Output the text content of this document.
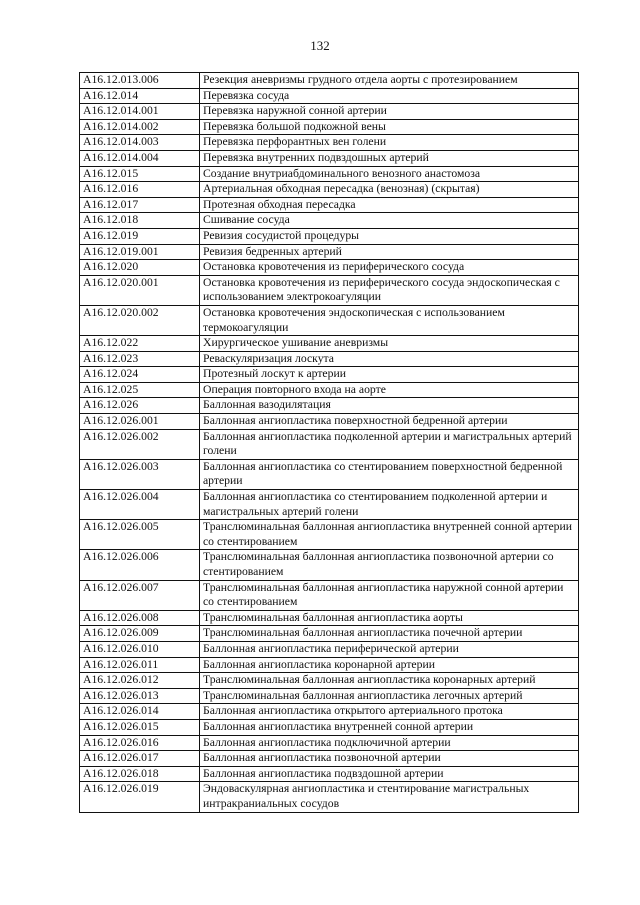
132
A16.12.013.006	Резекция аневризмы грудного отдела аорты с протезированием
A16.12.014	Перевязка сосуда
A16.12.014.001	Перевязка наружной сонной артерии
A16.12.014.002	Перевязка большой подкожной вены
A16.12.014.003	Перевязка перфорантных вен голени
A16.12.014.004	Перевязка внутренних подвздошных артерий
A16.12.015	Создание внутриабдоминального венозного анастомоза
A16.12.016	Артериальная обходная пересадка (венозная) (скрытая)
A16.12.017	Протезная обходная пересадка
A16.12.018	Сшивание сосуда
A16.12.019	Ревизия сосудистой процедуры
A16.12.019.001	Ревизия бедренных артерий
A16.12.020	Остановка кровотечения из периферического сосуда
A16.12.020.001	Остановка кровотечения из периферического сосуда эндоскопическая с использованием электрокоагуляции
A16.12.020.002	Остановка кровотечения эндоскопическая с использованием термокоагуляции
A16.12.022	Хирургическое ушивание аневризмы
A16.12.023	Реваскуляризация лоскута
A16.12.024	Протезный лоскут к артерии
A16.12.025	Операция повторного входа на аорте
A16.12.026	Баллонная вазодилятация
A16.12.026.001	Баллонная ангиопластика поверхностной бедренной артерии
A16.12.026.002	Баллонная ангиопластика подколенной артерии и магистральных артерий голени
A16.12.026.003	Баллонная ангиопластика со стентированием поверхностной бедренной артерии
A16.12.026.004	Баллонная ангиопластика со стентированием подколенной артерии и магистральных артерий голени
A16.12.026.005	Транслюминальная баллонная ангиопластика внутренней сонной артерии со стентированием
A16.12.026.006	Транслюминальная баллонная ангиопластика позвоночной артерии со стентированием
A16.12.026.007	Транслюминальная баллонная ангиопластика наружной сонной артерии со стентированием
A16.12.026.008	Транслюминальная баллонная ангиопластика аорты
A16.12.026.009	Транслюминальная баллонная ангиопластика почечной артерии
A16.12.026.010	Баллонная ангиопластика периферической артерии
A16.12.026.011	Баллонная ангиопластика коронарной артерии
A16.12.026.012	Транслюминальная баллонная ангиопластика коронарных артерий
A16.12.026.013	Транслюминальная баллонная ангиопластика легочных артерий
A16.12.026.014	Баллонная ангиопластика открытого артериального протока
A16.12.026.015	Баллонная ангиопластика внутренней сонной артерии
A16.12.026.016	Баллонная ангиопластика подключичной артерии
A16.12.026.017	Баллонная ангиопластика позвоночной артерии
A16.12.026.018	Баллонная ангиопластика подвздошной артерии
A16.12.026.019	Эндоваскулярная ангиопластика и стентирование магистральных интракраниальных сосудов
